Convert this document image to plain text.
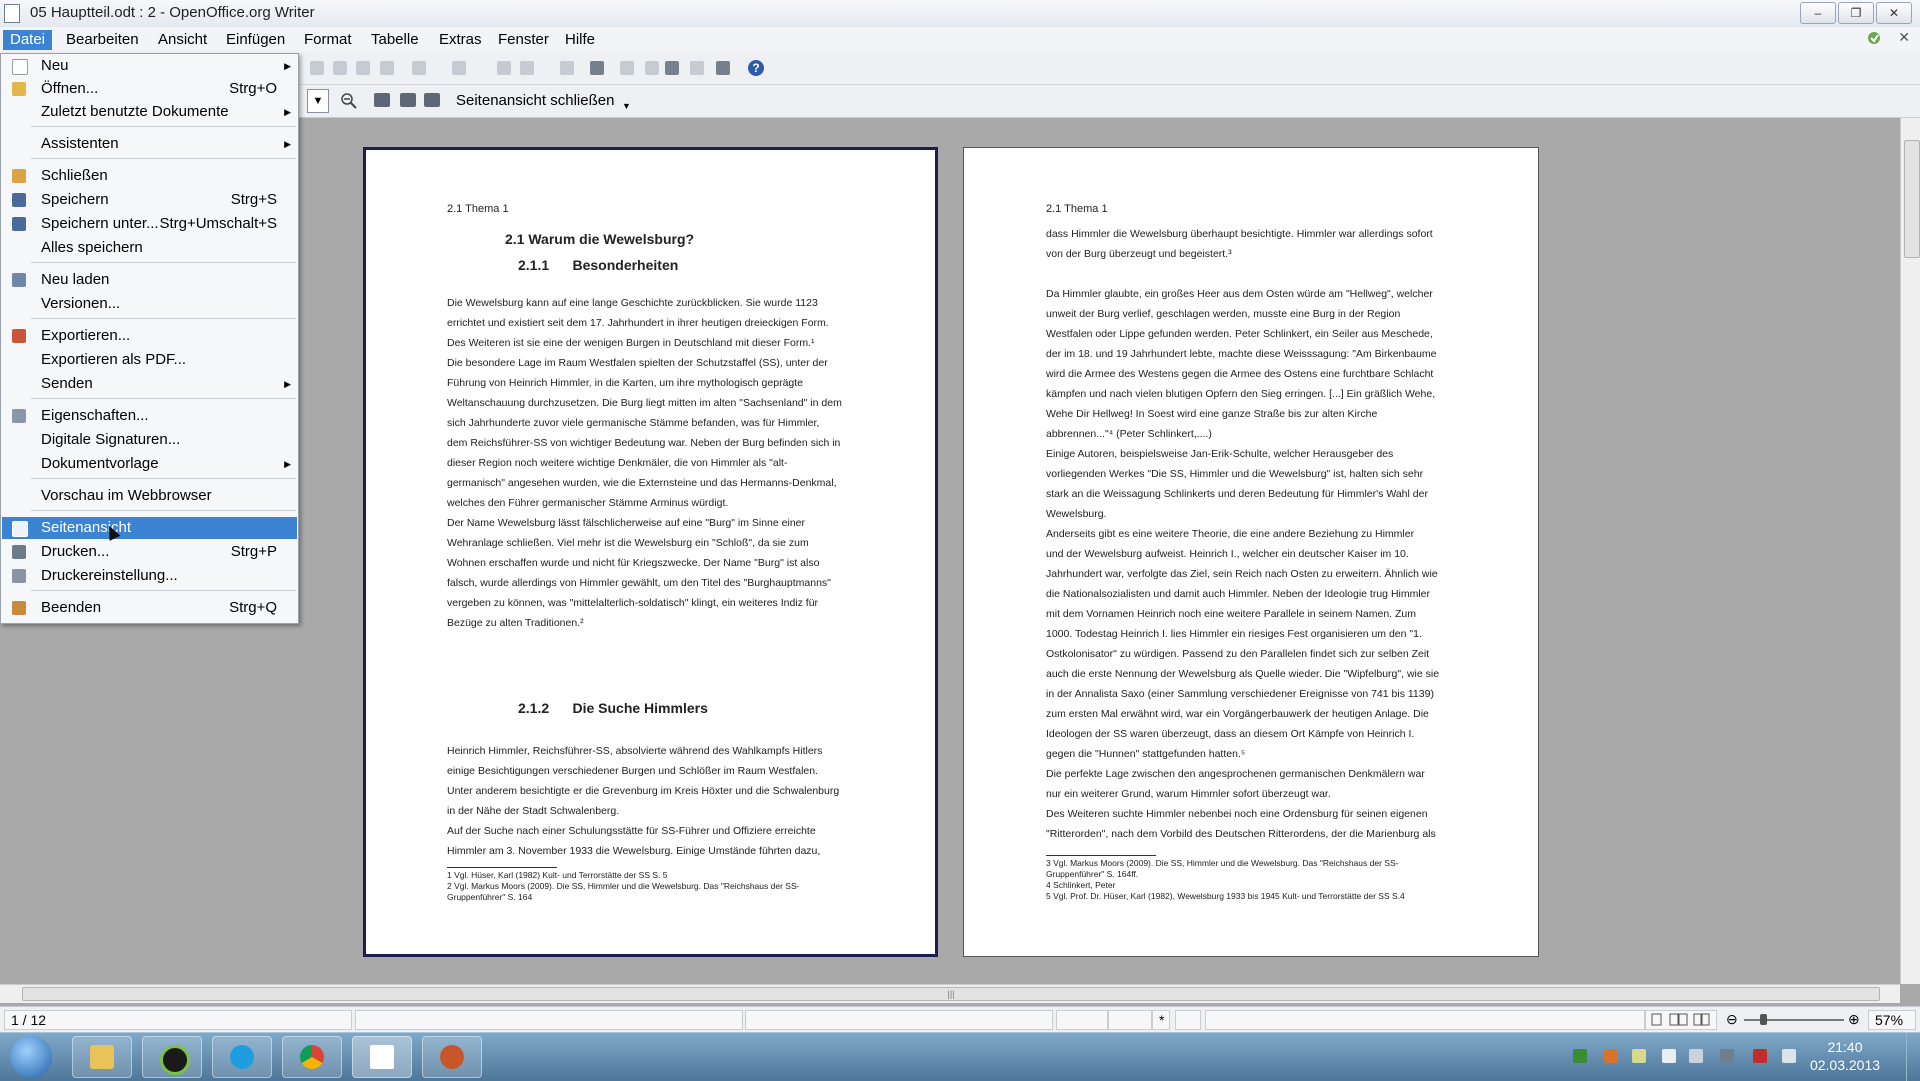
05 Hauptteil.odt : 2 - OpenOffice.org Writer	–	❐	✕
Datei	Bearbeiten	Ansicht	Einfügen	Format	Tabelle	Extras	Fenster	Hilfe	✕
?
▼	Seitenansicht schließen ▼
2.1 Thema 1
2.1 Warum die Wewelsburg?
2.1.1      Besonderheiten
Die Wewelsburg kann auf eine lange Geschichte zurückblicken. Sie wurde 1123
errichtet und existiert seit dem 17. Jahrhundert in ihrer heutigen dreieckigen Form.
Des Weiteren ist sie eine der wenigen Burgen in Deutschland mit dieser Form.¹
Die besondere Lage im Raum Westfalen spielten der Schutzstaffel (SS), unter der
Führung von Heinrich Himmler, in die Karten, um ihre mythologisch geprägte
Weltanschauung durchzusetzen. Die Burg liegt mitten im alten "Sachsenland" in dem
sich Jahrhunderte zuvor viele germanische Stämme befanden, was für Himmler,
dem Reichsführer-SS von wichtiger Bedeutung war. Neben der Burg befinden sich in
dieser Region noch weitere wichtige Denkmäler, die von Himmler als "alt-
germanisch" angesehen wurden, wie die Externsteine und das Hermanns-Denkmal,
welches den Führer germanischer Stämme Arminus würdigt.
Der Name Wewelsburg lässt fälschlicherweise auf eine "Burg" im Sinne einer
Wehranlage schließen. Viel mehr ist die Wewelsburg ein "Schloß", da sie zum
Wohnen erschaffen wurde und nicht für Kriegszwecke. Der Name "Burg" ist also
falsch, wurde allerdings von Himmler gewählt, um den Titel des "Burghauptmanns"
vergeben zu können, was "mittelalterlich-soldatisch" klingt, ein weiteres Indiz für
Bezüge zu alten Traditionen.²
2.1.2      Die Suche Himmlers
Heinrich Himmler, Reichsführer-SS, absolvierte während des Wahlkampfs Hitlers
einige Besichtigungen verschiedener Burgen und Schlößer im Raum Westfalen.
Unter anderem besichtigte er die Grevenburg im Kreis Höxter und die Schwalenburg
in der Nähe der Stadt Schwalenberg.
Auf der Suche nach einer Schulungsstätte für SS-Führer und Offiziere erreichte
Himmler am 3. November 1933 die Wewelsburg. Einige Umstände führten dazu,
1 Vgl. Hüser, Karl (1982) Kult- und Terrorstätte der SS S. 5
2 Vgl. Markus Moors (2009). Die SS, Himmler und die Wewelsburg. Das "Reichshaus der SS-
Gruppenführer" S. 164
2.1 Thema 1
dass Himmler die Wewelsburg überhaupt besichtigte. Himmler war allerdings sofort
von der Burg überzeugt und begeistert.³

Da Himmler glaubte, ein großes Heer aus dem Osten würde am "Hellweg", welcher
unweit der Burg verlief, geschlagen werden, musste eine Burg in der Region
Westfalen oder Lippe gefunden werden. Peter Schlinkert, ein Seiler aus Meschede,
der im 18. und 19 Jahrhundert lebte, machte diese Weisssagung: "Am Birkenbaume
wird die Armee des Westens gegen die Armee des Ostens eine furchtbare Schlacht
kämpfen und nach vielen blutigen Opfern den Sieg erringen. [...] Ein gräßlich Wehe,
Wehe Dir Hellweg! In Soest wird eine ganze Straße bis zur alten Kirche
abbrennen..."⁴ (Peter Schlinkert,....)
Einige Autoren, beispielsweise Jan-Erik-Schulte, welcher Herausgeber des
vorliegenden Werkes "Die SS, Himmler und die Wewelsburg" ist, halten sich sehr
stark an die Weissagung Schlinkerts und deren Bedeutung für Himmler's Wahl der
Wewelsburg.
Anderseits gibt es eine weitere Theorie, die eine andere Beziehung zu Himmler
und der Wewelsburg aufweist. Heinrich I., welcher ein deutscher Kaiser im 10.
Jahrhundert war, verfolgte das Ziel, sein Reich nach Osten zu erweitern. Ähnlich wie
die Nationalsozialisten und damit auch Himmler. Neben der Ideologie trug Himmler
mit dem Vornamen Heinrich noch eine weitere Parallele in seinem Namen. Zum
1000. Todestag Heinrich I. lies Himmler ein riesiges Fest organisieren um den "1.
Ostkolonisator" zu würdigen. Passend zu den Parallelen findet sich zur selben Zeit
auch die erste Nennung der Wewelsburg als Quelle wieder. Die "Wipfelburg", wie sie
in der Annalista Saxo (einer Sammlung verschiedener Ereignisse von 741 bis 1139)
zum ersten Mal erwähnt wird, war ein Vorgängerbauwerk der heutigen Anlage. Die
Ideologen der SS waren überzeugt, dass an diesem Ort Kämpfe von Heinrich I.
gegen die "Hunnen" stattgefunden hatten.⁵
Die perfekte Lage zwischen den angesprochenen germanischen Denkmälern war
nur ein weiterer Grund, warum Himmler sofort überzeugt war.
Des Weiteren suchte Himmler nebenbei noch eine Ordensburg für seinen eigenen
"Ritterorden", nach dem Vorbild des Deutschen Ritterordens, der die Marienburg als
3 Vgl. Markus Moors (2009). Die SS, Himmler und die Wewelsburg. Das "Reichshaus der SS-
Gruppenführer" S. 164ff.
4 Schlinkert, Peter
5 Vgl. Prof. Dr. Hüser, Karl (1982), Wewelsburg 1933 bis 1945 Kult- und Terrorstätte der SS S.4
|||
1 / 12	*	⊖	⊕	57%
21:40
02.03.2013
Neu	▶
Öffnen...	Strg+O
Zuletzt benutzte Dokumente	▶
Assistenten	▶
Schließen
Speichern	Strg+S
Speichern unter... Strg+Umschalt+S
Alles speichern
Neu laden
Versionen...
Exportieren...
Exportieren als PDF...
Senden	▶
Eigenschaften...
Digitale Signaturen...
Dokumentvorlage	▶
Vorschau im Webbrowser
Seitenansicht
Drucken...	Strg+P
Druckereinstellung...
Beenden	Strg+Q
